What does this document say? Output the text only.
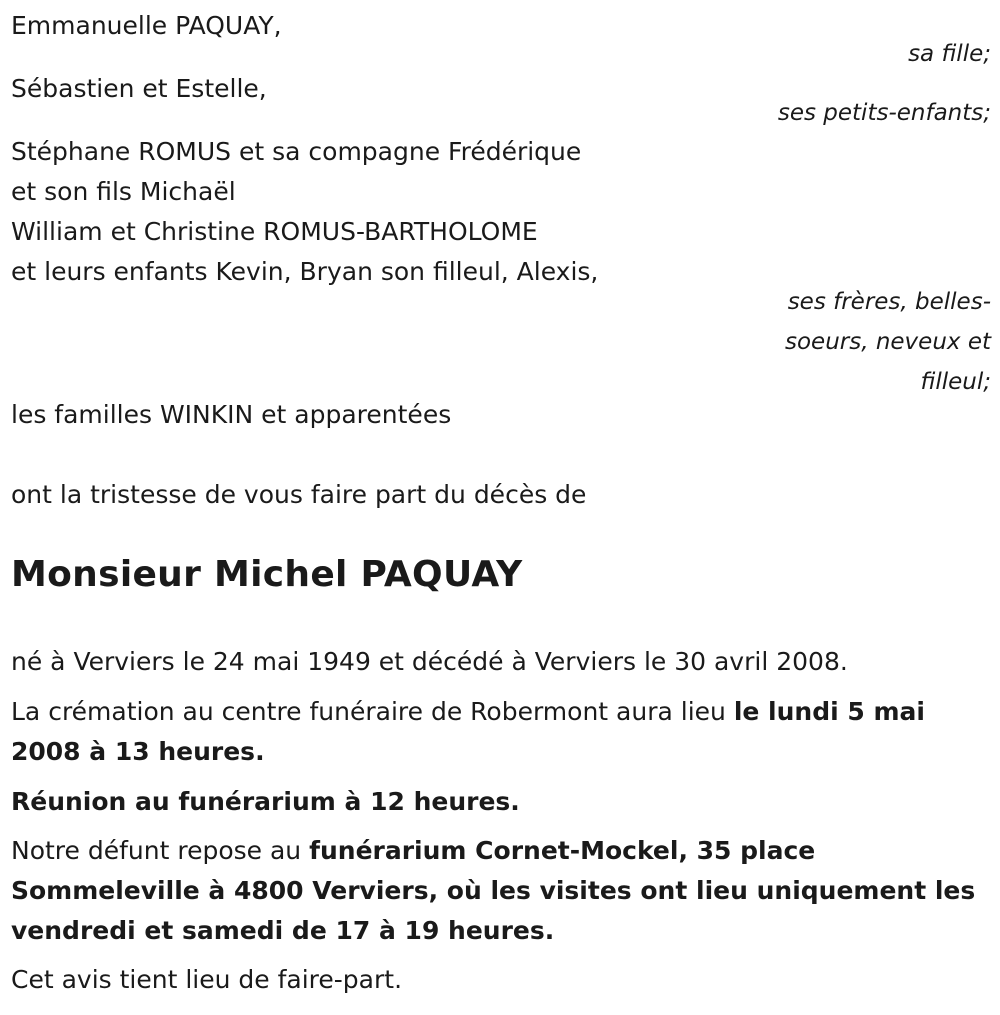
Emmanuelle PAQUAY,

sa fille;

Sébastien et Estelle,

ses petits-enfants;

Stéphane ROMUS et sa compagne Frédérique

et son fils Michaël

William et Christine ROMUS-BARTHOLOME

et leurs enfants Kevin, Bryan son filleul, Alexis,

ses frères, belles-
soeurs, neveux et
filleul;

les familles WINKIN et apparentées

ont la tristesse de vous faire part du décès de

Monsieur Michel PAQUAY

né à Verviers le 24 mai 1949 et décédé à Verviers le 30 avril 2008.

La crémation au centre funéraire de Robermont aura lieu le lundi 5 mai 2008 à 13 heures.

Réunion au funérarium à 12 heures.

Notre défunt repose au funérarium Cornet-Mockel, 35 place Sommeleville à 4800 Verviers, où les visites ont lieu uniquement les vendredi et samedi de 17 à 19 heures.

Cet avis tient lieu de faire-part.
